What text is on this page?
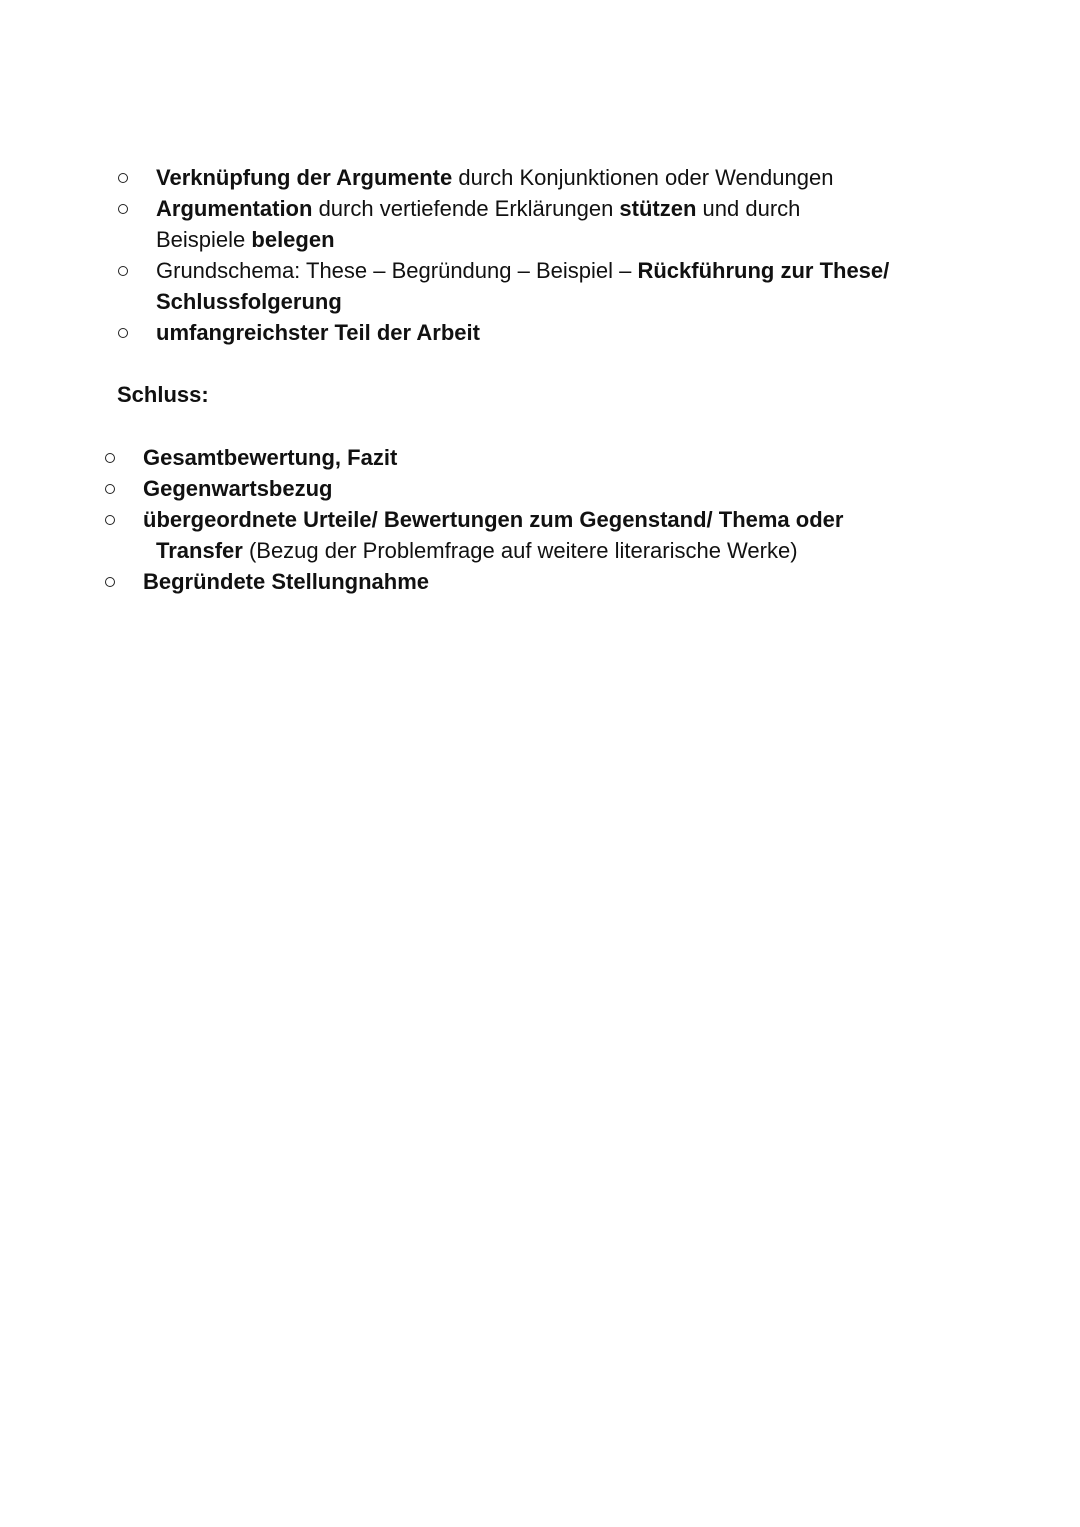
Verknüpfung der Argumente durch Konjunktionen oder Wendungen
Argumentation durch vertiefende Erklärungen stützen und durch
Beispiele belegen
Grundschema: These – Begründung – Beispiel – Rückführung zur These/
Schlussfolgerung
umfangreichster Teil der Arbeit
Schluss:
Gesamtbewertung, Fazit
Gegenwartsbezug
übergeordnete Urteile/ Bewertungen zum Gegenstand/ Thema oder
Transfer (Bezug der Problemfrage auf weitere literarische Werke)
Begründete Stellungnahme
